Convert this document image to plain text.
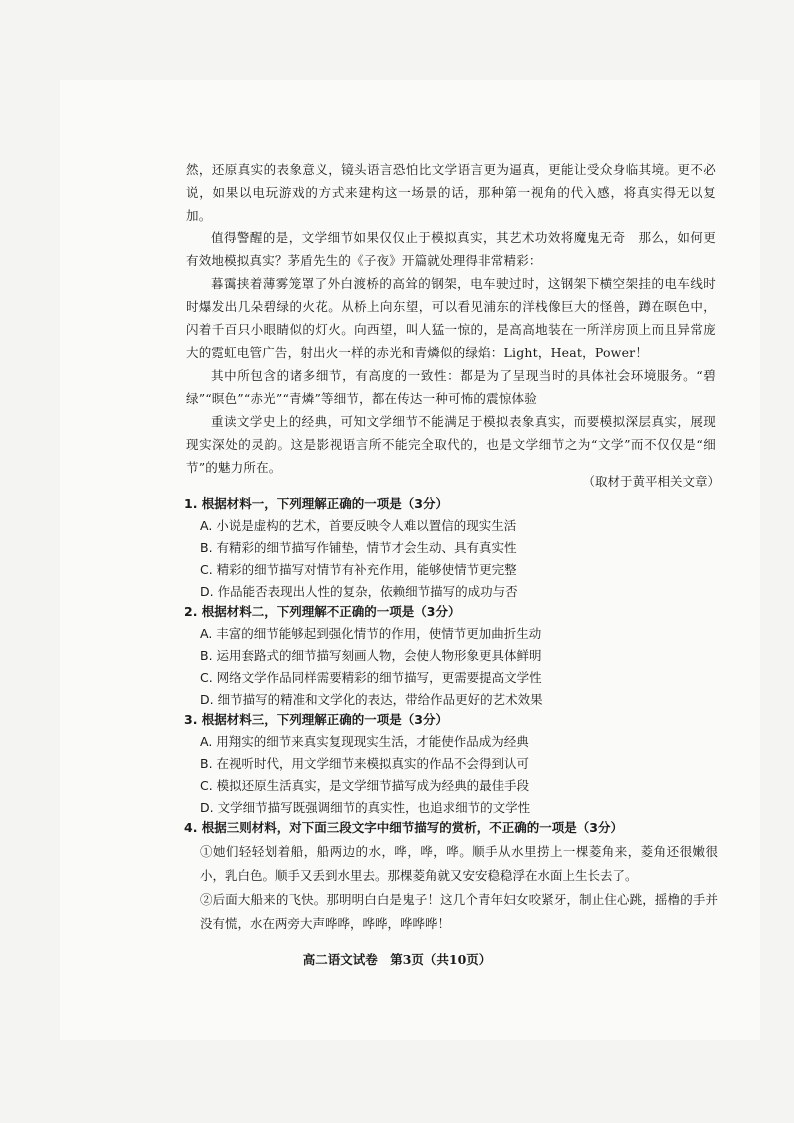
然，还原真实的表象意义，镜头语言恐怕比文学语言更为逼真，更能让受众身临其境。更不必说，如果以电玩游戏的方式来建构这一场景的话，那种第一视角的代入感，将真实得无以复加。

值得警醒的是，文学细节如果仅仅止于模拟真实，其艺术功效将魔鬼无奇　那么，如何更有效地模拟真实？茅盾先生的《子夜》开篇就处理得非常精彩：

暮霭挟着薄雾笼罩了外白渡桥的高耸的钢架，电车驶过时，这钢架下横空架挂的电车线时时爆发出几朵碧绿的火花。从桥上向东望，可以看见浦东的洋栈像巨大的怪兽，蹲在暝色中，闪着千百只小眼睛似的灯火。向西望，叫人猛一惊的，是高高地装在一所洋房顶上而且异常庞大的霓虹电管广告，射出火一样的赤光和青燐似的绿焰：Light，Heat，Power！

其中所包含的诸多细节，有高度的一致性：都是为了呈现当时的具体社会环境服务。“碧绿”“暝色”“赤光”“青燐”等细节，都在传达一种可怖的震惊体验

重读文学史上的经典，可知文学细节不能满足于模拟表象真实，而要模拟深层真实，展现现实深处的灵韵。这是影视语言所不能完全取代的，也是文学细节之为“文学”而不仅仅是“细节”的魅力所在。

（取材于黄平相关文章）
1. 根据材料一，下列理解正确的一项是（3分）
A. 小说是虚构的艺术，首要反映令人难以置信的现实生活
B. 有精彩的细节描写作铺垫，情节才会生动、具有真实性
C. 精彩的细节描写对情节有补充作用，能够使情节更完整
D. 作品能否表现出人性的复杂，依赖细节描写的成功与否
2. 根据材料二，下列理解不正确的一项是（3分）
A. 丰富的细节能够起到强化情节的作用，使情节更加曲折生动
B. 运用套路式的细节描写刻画人物，会使人物形象更具体鲜明
C. 网络文学作品同样需要精彩的细节描写，更需要提高文学性
D. 细节描写的精准和文学化的表达，带给作品更好的艺术效果
3. 根据材料三，下列理解正确的一项是（3分）
A. 用翔实的细节来真实复现现实生活，才能使作品成为经典
B. 在视听时代，用文学细节来模拟真实的作品不会得到认可
C. 模拟还原生活真实，是文学细节描写成为经典的最佳手段
D. 文学细节描写既强调细节的真实性，也追求细节的文学性
4. 根据三则材料，对下面三段文字中细节描写的赏析，不正确的一项是（3分）

①她们轻轻划着船，船两边的水，哗，哗，哗。顺手从水里捞上一棵菱角来，菱角还很嫩很小，乳白色。顺手又丢到水里去。那棵菱角就又安安稳稳浮在水面上生长去了。

②后面大船来的飞快。那明明白白是鬼子！这几个青年妇女咬紧牙，制止住心跳，摇橹的手并没有慌，水在两旁大声哗哗，哗哗，哗哗哗！

高二语文试卷　第3页（共10页）
